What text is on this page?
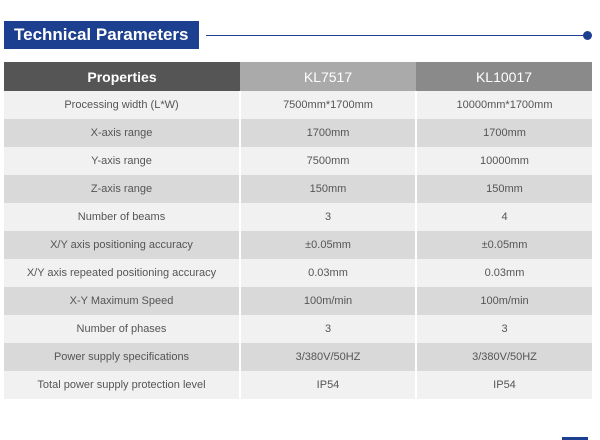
Technical Parameters
Properties	KL7517	KL10017
Processing width (L*W)	7500mm*1700mm	10000mm*1700mm
X-axis range	1700mm	1700mm
Y-axis range	7500mm	10000mm
Z-axis range	150mm	150mm
Number of beams	3	4
X/Y axis positioning accuracy	±0.05mm	±0.05mm
X/Y axis repeated positioning accuracy	0.03mm	0.03mm
X-Y Maximum Speed	100m/min	100m/min
Number of phases	3	3
Power supply specifications	3/380V/50HZ	3/380V/50HZ
Total power supply protection level	IP54	IP54
